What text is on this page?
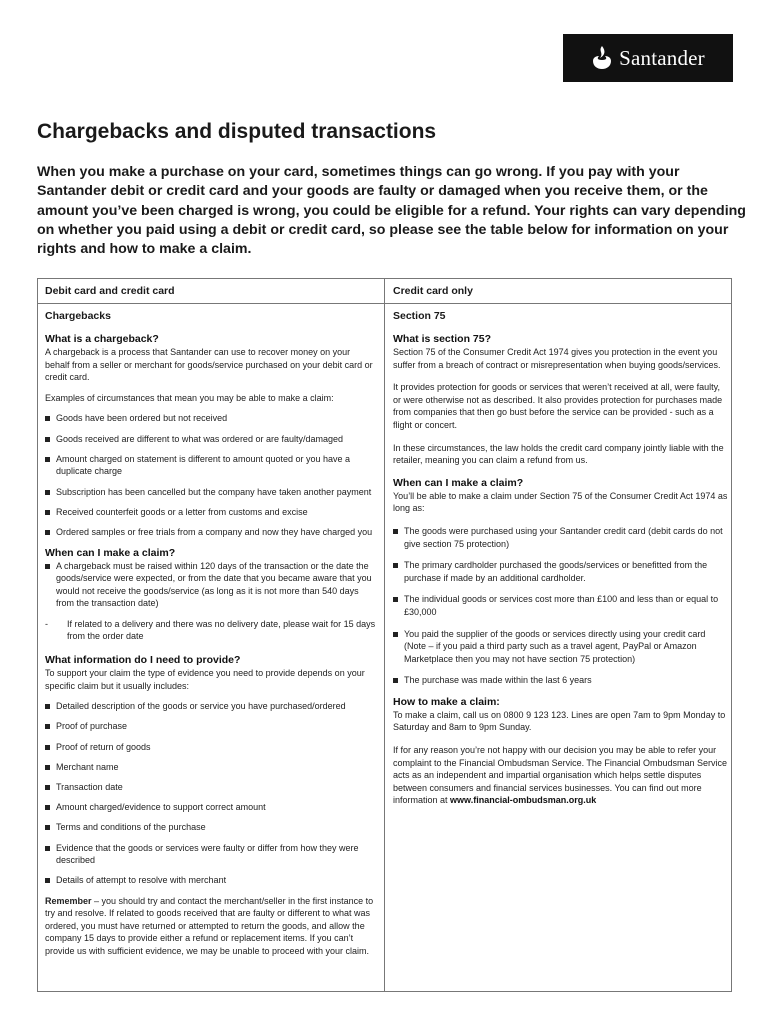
Santander
Chargebacks and disputed transactions

When you make a purchase on your card, sometimes things can go wrong. If you pay with your Santander debit or credit card and your goods are faulty or damaged when you receive them, or the amount you’ve been charged is wrong, you could be eligible for a refund. Your rights can vary depending on whether you paid using a debit or credit card, so please see the table below for information on your rights and how to make a claim.

Debit card and credit card	Credit card only
Chargebacks	Section 75

What is a chargeback?

A chargeback is a process that Santander can use to recover money on your behalf from a seller or merchant for goods/service purchased on your debit card or credit card.

Examples of circumstances that mean you may be able to make a claim:

Goods have been ordered but not received
Goods received are different to what was ordered or are faulty/damaged
Amount charged on statement is different to amount quoted or you have a duplicate charge
Subscription has been cancelled but the company have taken another payment
Received counterfeit goods or a letter from customs and excise
Ordered samples or free trials from a company and now they have charged you

When can I make a claim?

A chargeback must be raised within 120 days of the transaction or the date the goods/service were expected, or from the date that you became aware that you would not receive the goods/service (as long as it is not more than 540 days from the transaction date)
- If related to a delivery and there was no delivery date, please wait for 15 days from the order date

What information do I need to provide?

To support your claim the type of evidence you need to provide depends on your specific claim but it usually includes:

Detailed description of the goods or service you have purchased/ordered
Proof of purchase
Proof of return of goods
Merchant name
Transaction date
Amount charged/evidence to support correct amount
Terms and conditions of the purchase
Evidence that the goods or services were faulty or differ from how they were described
Details of attempt to resolve with merchant

Remember – you should try and contact the merchant/seller in the first instance to try and resolve. If related to goods received that are faulty or different to what was ordered, you must have returned or attempted to return the goods, and allow the company 15 days to provide either a refund or replacement items. If you can’t provide us with sufficient evidence, we may be unable to proceed with your claim.

What is section 75?

Section 75 of the Consumer Credit Act 1974 gives you protection in the event you suffer from a breach of contract or misrepresentation when buying goods/services.

It provides protection for goods or services that weren’t received at all, were faulty, or were otherwise not as described. It also provides protection for purchases made from companies that then go bust before the service can be provided - such as a flight or concert.

In these circumstances, the law holds the credit card company jointly liable with the retailer, meaning you can claim a refund from us.

When can I make a claim?

You’ll be able to make a claim under Section 75 of the Consumer Credit Act 1974 as long as:

The goods were purchased using your Santander credit card (debit cards do not give section 75 protection)
The primary cardholder purchased the goods/services or benefitted from the purchase if made by an additional cardholder.
The individual goods or services cost more than £100 and less than or equal to £30,000
You paid the supplier of the goods or services directly using your credit card (Note – if you paid a third party such as a travel agent, PayPal or Amazon Marketplace then you may not have section 75 protection)
The purchase was made within the last 6 years

How to make a claim:

To make a claim, call us on 0800 9 123 123. Lines are open 7am to 9pm Monday to Saturday and 8am to 9pm Sunday.

If for any reason you’re not happy with our decision you may be able to refer your complaint to the Financial Ombudsman Service. The Financial Ombudsman Service acts as an independent and impartial organisation which helps settle disputes between consumers and financial services businesses. You can find out more information at www.financial-ombudsman.org.uk
